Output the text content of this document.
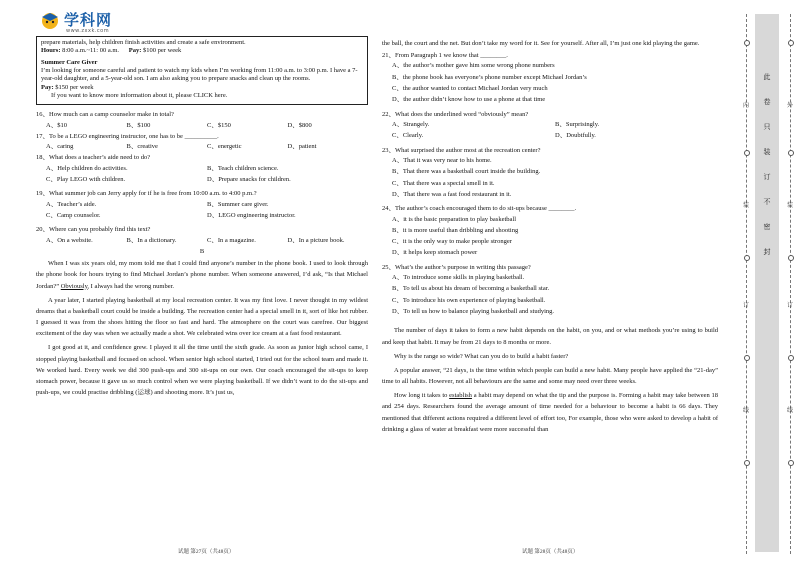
学科网
www.zxxk.com

prepare materials, help children finish activities and create a safe environment.

Hours: 8:00 a.m.~11: 00 a.m. Pay: $100 per week

Summer Care Giver

I’m looking for someone careful and patient to watch my kids when I’m working from 11:00 a.m. to 3:00 p.m. I have a 7-year-old daughter, and a 5-year-old son. I am also asking you to prepare snacks and clean up the rooms.

Pay: $150 per week

If you want to know more information about it, please CLICK here.

16、How much can a camp counselor make in total?
A、$10	B、$100	C、$150	D、$800
17、To be a LEGO engineering instructor, one has to be __________.
A、caring	B、creative	C、energetic	D、patient
18、What does a teacher’s aide need to do?
A、Help children do activities.	B、Teach children science.
C、Play LEGO with children.	D、Prepare snacks for children.
19、What summer job can Jerry apply for if he is free from 10:00 a.m. to 4:00 p.m.?
A、Teacher’s aide.	B、Summer care giver.
C、Camp counselor.	D、LEGO engineering instructor.
20、Where can you probably find this text?
A、On a website.	B、In a dictionary.	C、In a magazine.	D、In a picture book.
B

When I was six years old, my mom told me that I could find anyone’s number in the phone book. I used to look through the phone book for hours trying to find Michael Jordan’s phone number. When someone answered, I’d ask, “Is that Michael Jordan?” Obviously, I always had the wrong number.

A year later, I started playing basketball at my local recreation center. It was my first love. I never thought in my wildest dreams that a basketball court could be inside a building. The recreation center had a special smell in it, sort of like hot rubber. I guessed it was from the shoes hitting the floor so fast and hard. The atmosphere on the court was carefree. Our biggest excitement of the day was when we actually made a shot. We celebrated wins over ice cream at a fast food restaurant.

I got good at it, and confidence grew. I played it all the time until the sixth grade. As soon as junior high school came, I stopped playing basketball and focused on school. When senior high school started, I tried out for the school team and made it. We worked hard. Every week we did 300 push-ups and 300 sit-ups on our own. Our coach encouraged the sit-ups to keep stomach power, because it gave us so much control when we were playing basketball. If we didn’t want to do the sit-ups and push-ups, we could practise dribbling (运球) and shooting more. It’s just us,

the ball, the court and the net. But don’t take my word for it. See for yourself. After all, I’m just one kid playing the game.

21、From Paragraph 1 we know that ________.
A、the author’s mother gave him some wrong phone numbers
B、the phone book has everyone’s phone number except Michael Jordan’s
C、the author wanted to contact Michael Jordan very much
D、the author didn’t know how to use a phone at that time
22、What does the underlined word “obviously” mean?
A、Strangely.	B、Surprisingly.
C、Clearly.	D、Doubtfully.
23、What surprised the author most at the recreation center?
A、That it was very near to his home.
B、That there was a basketball court inside the building.
C、That there was a special smell in it.
D、That there was a fast food restaurant in it.
24、The author’s coach encouraged them to do sit-ups because ________.
A、it is the basic preparation to play basketball
B、it is more useful than dribbling and shooting
C、it is the only way to make people stronger
D、it helps keep stomach power
25、What’s the author’s purpose in writing this passage?
A、To introduce some skills in playing basketball.
B、To tell us about his dream of becoming a basketball star.
C、To introduce his own experience of playing basketball.
D、To tell us how to balance playing basketball and studying.

The number of days it takes to form a new habit depends on the habit, on you, and or what methods you’re using to build and keep that habit. It may be from 21 days to 8 months or more.

Why is the range so wide? What can you do to build a habit faster?

A popular answer, “21 days, is the time within which people can build a new habit. Many people have applied the “21-day” time to all habits. However, not all behaviours are the same and some may need over three weeks.

How long it takes to establish a habit may depend on what the tip and the purpose is. Forming a habit may take between 18 and 254 days. Researchers found the average amount of time needed for a behaviour to become a habit is 66 days. They mentioned that different actions required a different level of effort too, For example, those who were asked to develop a habit of drinking a glass of water at breakfast were more successful than

试题 第27页（共48页）	试题 第28页（共48页）
此
卷
只
装
订
不
密
封
内	外
装	装
订	订
线	线
